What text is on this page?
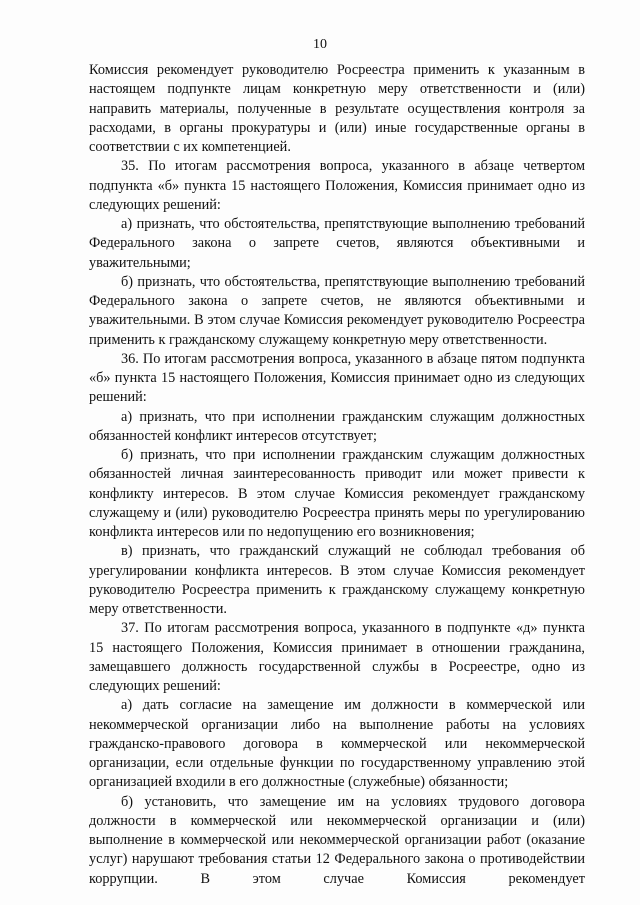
10

Комиссия рекомендует руководителю Росреестра применить к указанным в настоящем подпункте лицам конкретную меру ответственности и (или) направить материалы, полученные в результате осуществления контроля за расходами, в органы прокуратуры и (или) иные государственные органы в соответствии с их компетенцией.

35. По итогам рассмотрения вопроса, указанного в абзаце четвертом подпункта «б» пункта 15 настоящего Положения, Комиссия принимает одно из следующих решений:

а) признать, что обстоятельства, препятствующие выполнению требований Федерального закона о запрете счетов, являются объективными и уважительными;

б) признать, что обстоятельства, препятствующие выполнению требований Федерального закона о запрете счетов, не являются объективными и уважительными. В этом случае Комиссия рекомендует руководителю Росреестра применить к гражданскому служащему конкретную меру ответственности.

36. По итогам рассмотрения вопроса, указанного в абзаце пятом подпункта «б» пункта 15 настоящего Положения, Комиссия принимает одно из следующих решений:

а) признать, что при исполнении гражданским служащим должностных обязанностей конфликт интересов отсутствует;

б) признать, что при исполнении гражданским служащим должностных обязанностей личная заинтересованность приводит или может привести к конфликту интересов. В этом случае Комиссия рекомендует гражданскому служащему и (или) руководителю Росреестра принять меры по урегулированию конфликта интересов или по недопущению его возникновения;

в) признать, что гражданский служащий не соблюдал требования об урегулировании конфликта интересов. В этом случае Комиссия рекомендует руководителю Росреестра применить к гражданскому служащему конкретную меру ответственности.

37. По итогам рассмотрения вопроса, указанного в подпункте «д» пункта 15 настоящего Положения, Комиссия принимает в отношении гражданина, замещавшего должность государственной службы в Росреестре, одно из следующих решений:

а) дать согласие на замещение им должности в коммерческой или некоммерческой организации либо на выполнение работы на условиях гражданско-правового договора в коммерческой или некоммерческой организации, если отдельные функции по государственному управлению этой организацией входили в его должностные (служебные) обязанности;

б) установить, что замещение им на условиях трудового договора должности в коммерческой или некоммерческой организации и (или) выполнение в коммерческой или некоммерческой организации работ (оказание услуг) нарушают требования статьи 12 Федерального закона о противодействии коррупции. В этом случае Комиссия рекомендует
